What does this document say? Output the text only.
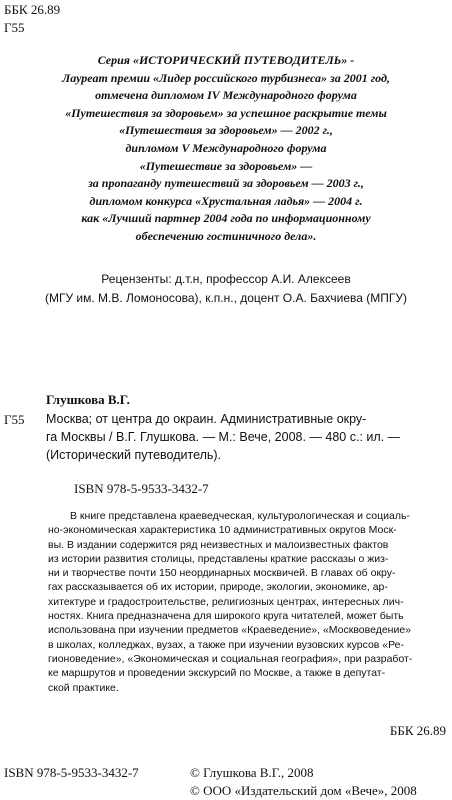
ББК 26.89
Г55
Серия «ИСТОРИЧЕСКИЙ ПУТЕВОДИТЕЛЬ» -
Лауреат премии «Лидер российского турбизнеса» за 2001 год,
отмечена дипломом IV Международного форума
«Путешествия за здоровьем» за успешное раскрытие темы
«Путешествия за здоровьем» — 2002 г.,
дипломом V Международного форума
«Путешествие за здоровьем» —
за пропаганду путешествий за здоровьем — 2003 г.,
дипломом конкурса «Хрустальная ладья» — 2004 г.
как «Лучший партнер 2004 года по информационному
обеспечению гостиничного дела».
Рецензенты: д.т.н, профессор А.И. Алексеев
(МГУ им. М.В. Ломоносова), к.п.н., доцент О.А. Бахчиева (МПГУ)
Глушкова В.Г.
Г55 Москва; от центра до окраин. Административные окру-
га Москвы / В.Г. Глушкова. — М.: Вече, 2008. — 480 с.: ил. —
(Исторический путеводитель).
ISBN 978-5-9533-3432-7
В книге представлена краеведческая, культурологическая и социаль-
но-экономическая характеристика 10 административных округов Моск-
вы. В издании содержится ряд неизвестных и малоизвестных фактов
из истории развития столицы, представлены краткие рассказы о жиз-
ни и творчестве почти 150 неординарных москвичей. В главах об окру-
гах рассказывается об их истории, природе, экологии, экономике, ар-
хитектуре и градостроительстве, религиозных центрах, интересных лич-
ностях. Книга предназначена для широкого круга читателей, может быть
использована при изучении предметов «Краеведение», «Москвоведение»
в школах, колледжах, вузах, а также при изучении вузовских курсов «Ре-
гионоведение», «Экономическая и социальная география», при разработ-
ке маршрутов и проведении экскурсий по Москве, а также в депутат-
ской практике.
ББК 26.89
ISBN 978-5-9533-3432-7	© Глушкова В.Г., 2008
© ООО «Издательский дом «Вече», 2008
